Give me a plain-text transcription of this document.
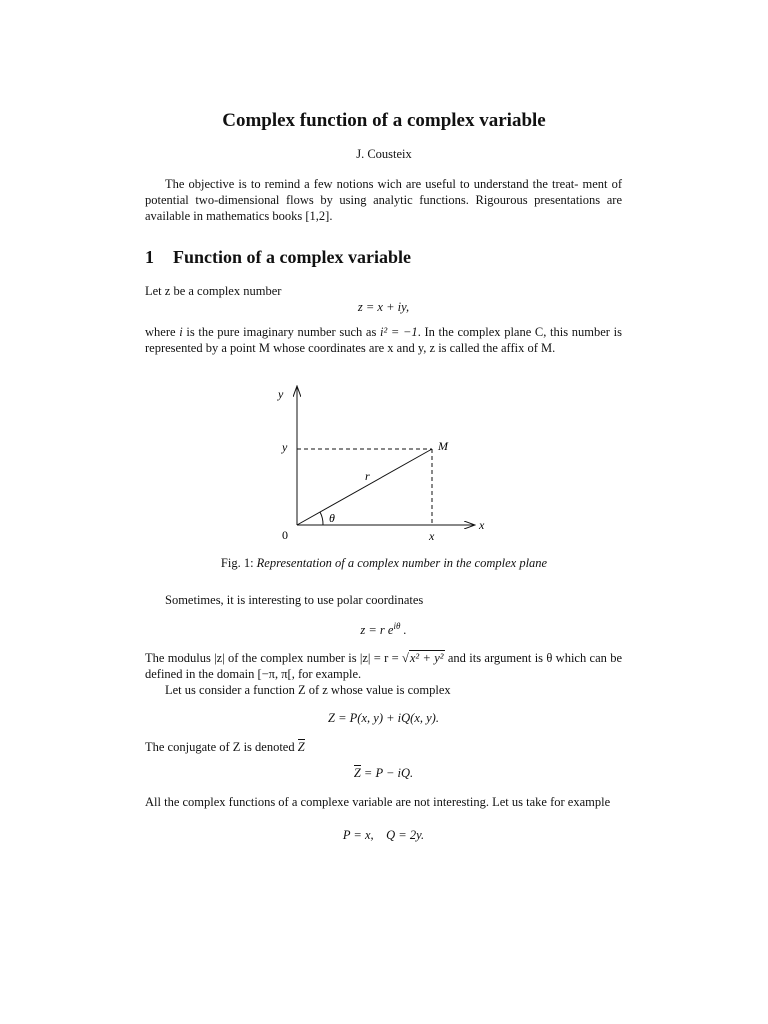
Complex function of a complex variable
J. Cousteix
The objective is to remind a few notions wich are useful to understand the treat- ment of potential two-dimensional flows by using analytic functions. Rigourous presentations are available in mathematics books [1,2].
1 Function of a complex variable
Let z be a complex number
z = x + iy,
where i is the pure imaginary number such as i² = −1. In the complex plane C, this number is represented by a point M whose coordinates are x and y, z is called the affix of M.
y
y	M
r
θ
0	x
x
Fig. 1: Representation of a complex number in the complex plane
Sometimes, it is interesting to use polar coordinates
z = r $e^{i\theta}$ .
The modulus |z| of the complex number is |z| = r = √x² + y² and its argument is θ which can be defined in the domain [−π, π[, for example.
Let us consider a function Z of z whose value is complex
Z = P(x, y) + iQ(x, y).
The conjugate of Z is denoted Z
Z = P − iQ.
All the complex functions of a complexe variable are not interesting. Let us take for example
P = x,    Q = 2y.
